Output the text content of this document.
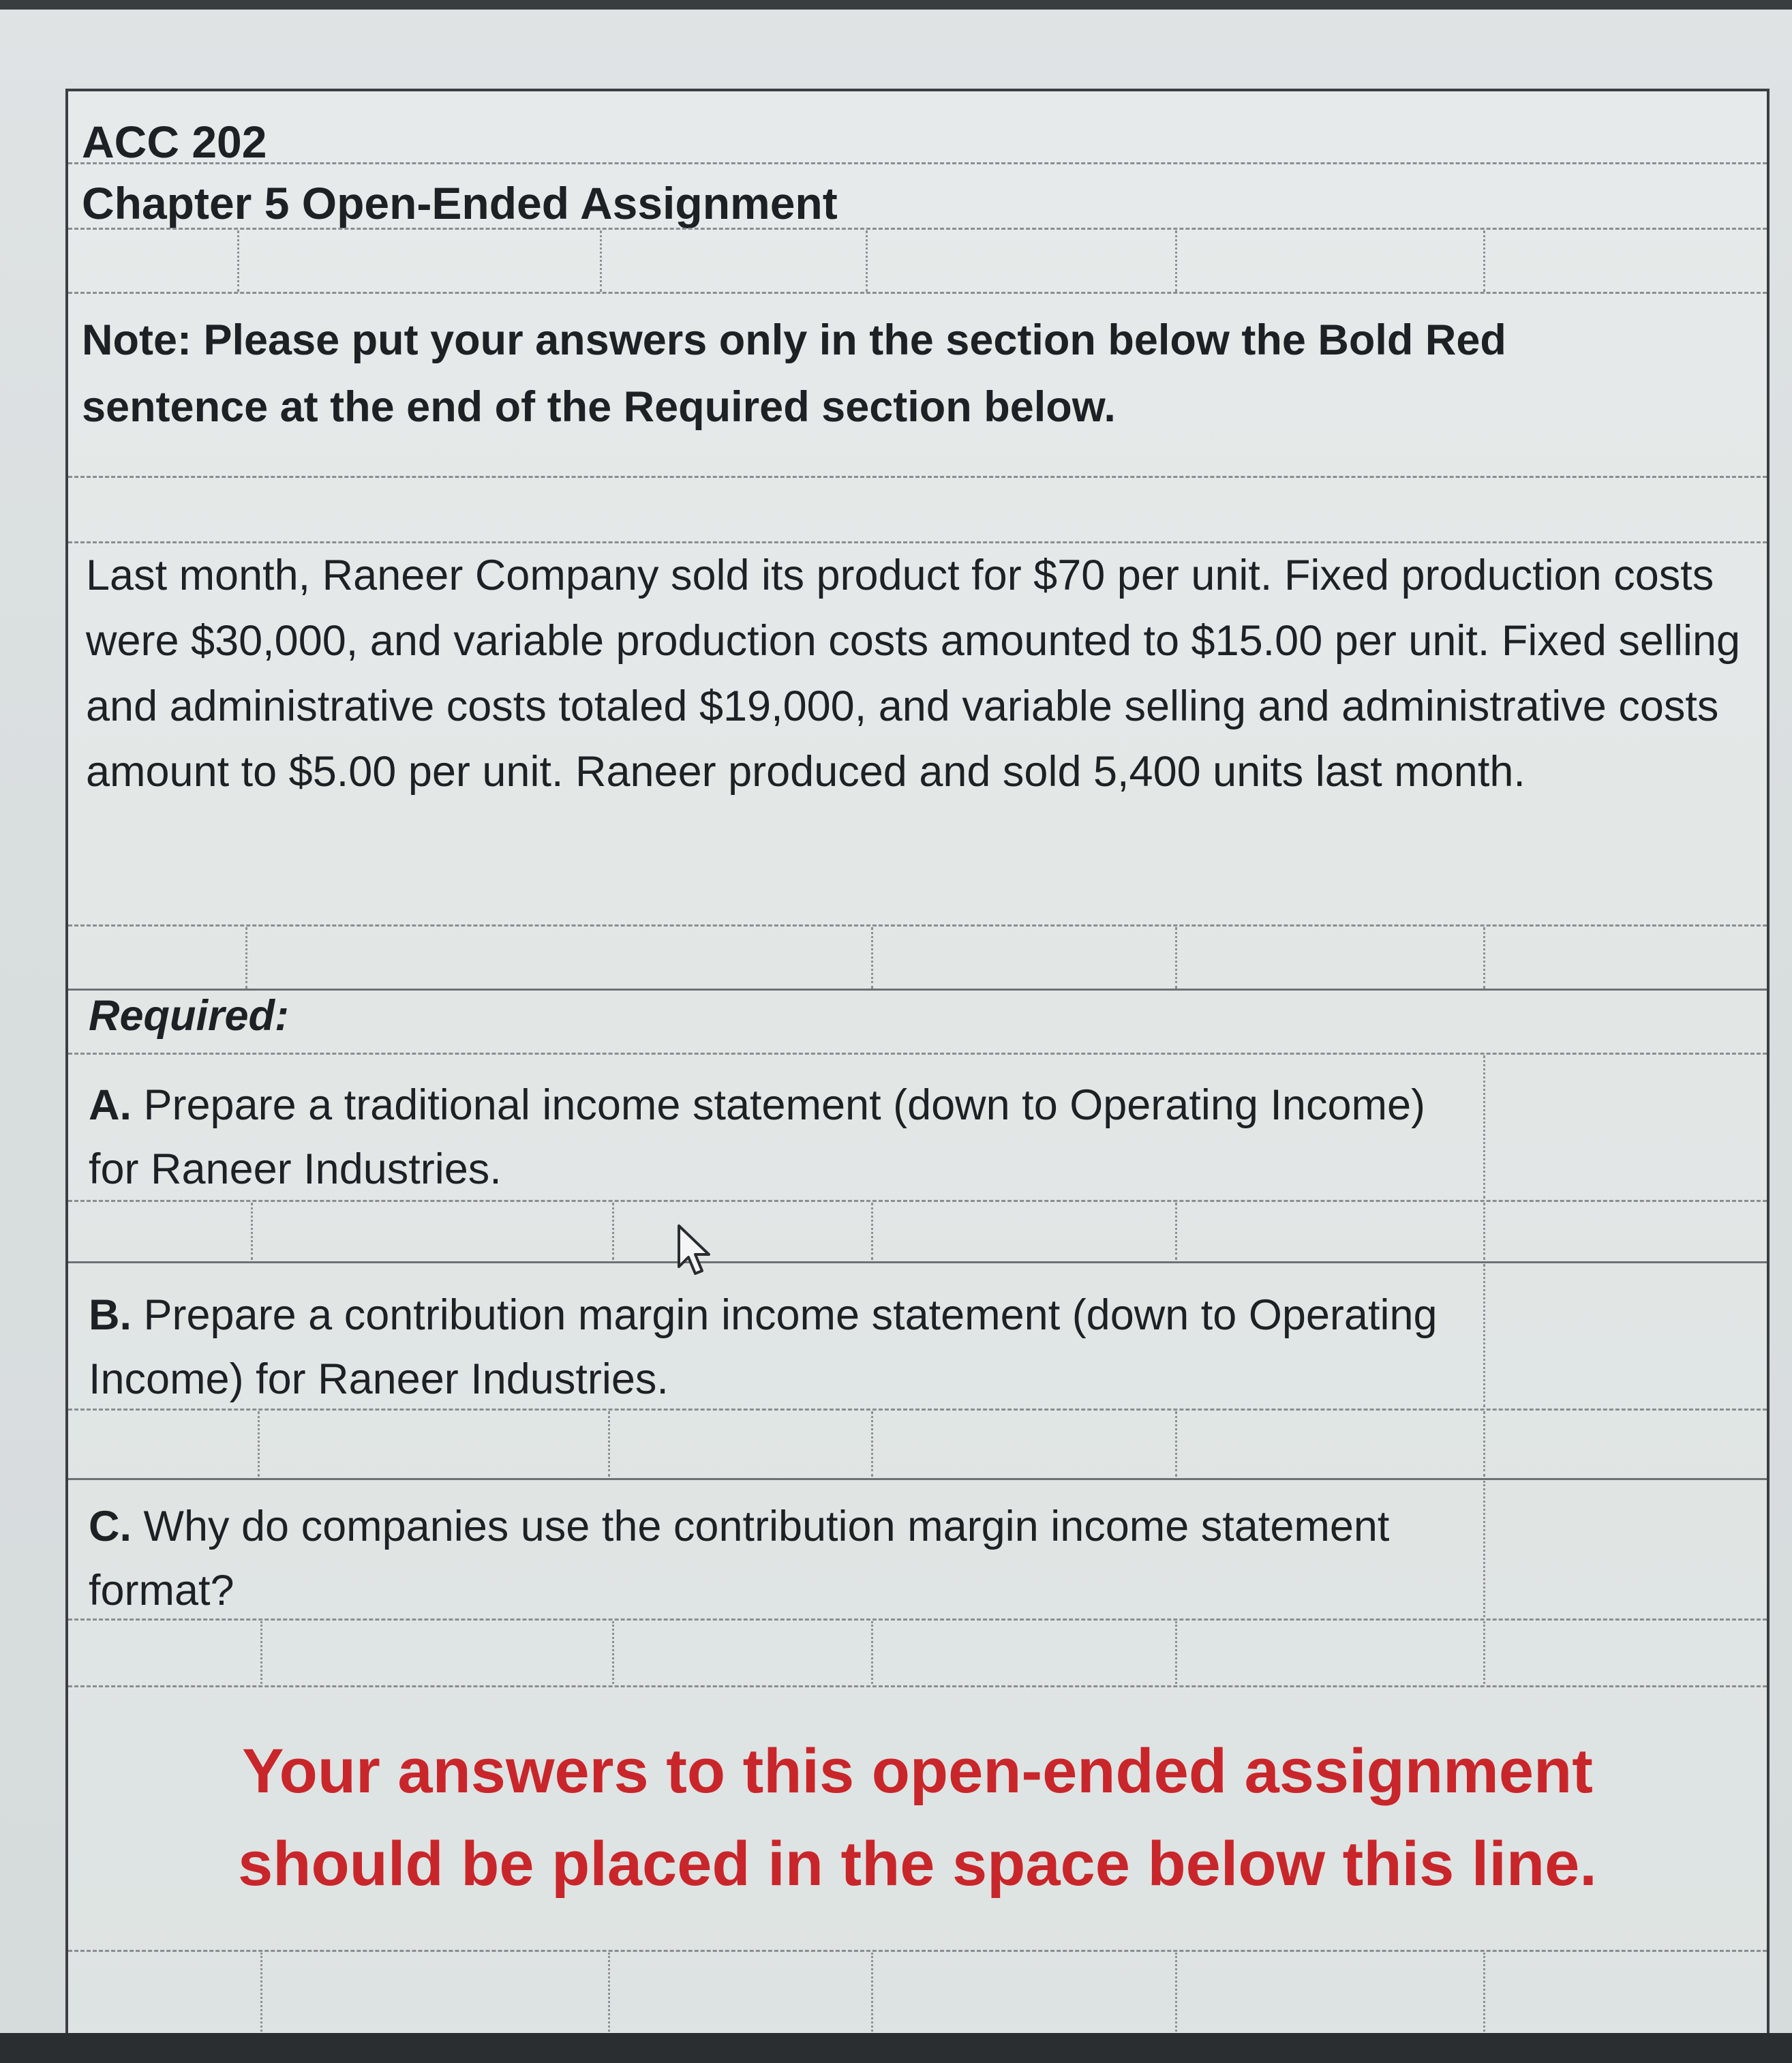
ACC 202
Chapter 5 Open-Ended Assignment
Note: Please put your answers only in the section below the Bold Red sentence at the end of the Required section below.
Last month, Raneer Company sold its product for $70 per unit. Fixed production costs were $30,000, and variable production costs amounted to $15.00 per unit. Fixed selling and administrative costs totaled $19,000, and variable selling and administrative costs amount to $5.00 per unit. Raneer produced and sold 5,400 units last month.
Required:
A. Prepare a traditional income statement (down to Operating Income) for Raneer Industries.
B. Prepare a contribution margin income statement (down to Operating Income) for Raneer Industries.
C. Why do companies use the contribution margin income statement format?
Your answers to this open-ended assignment
should be placed in the space below this line.
